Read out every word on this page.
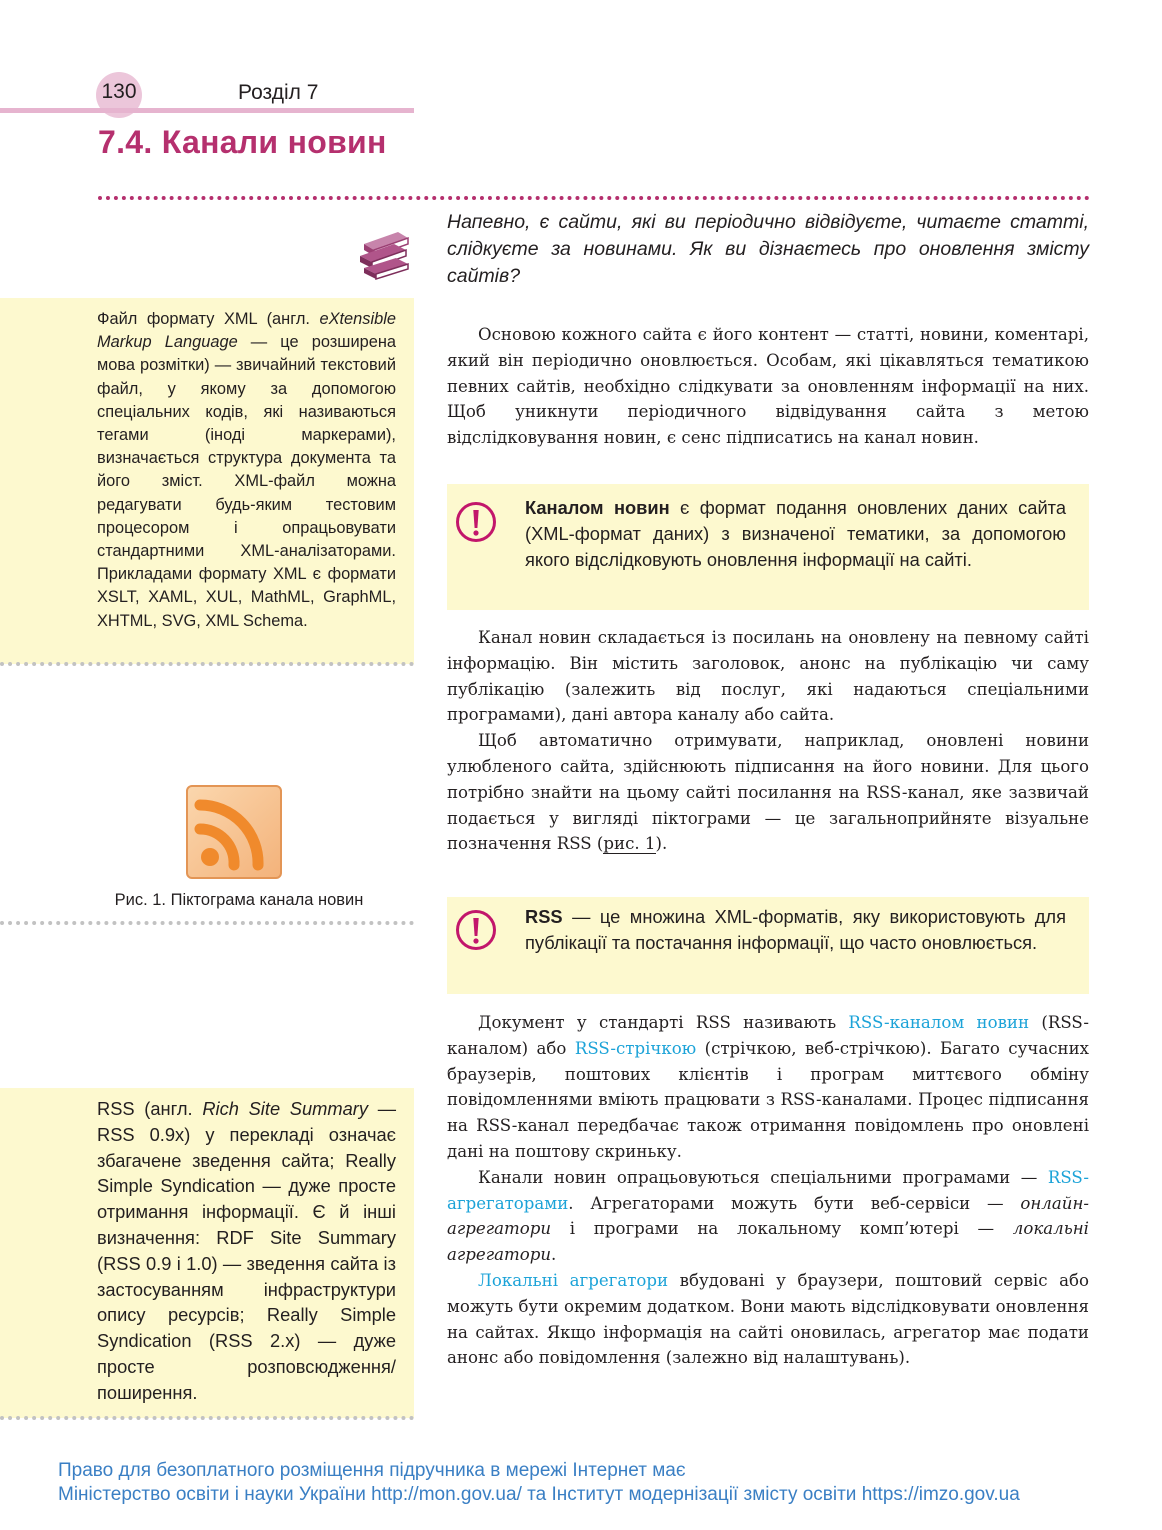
130	Розділ 7
7.4. Канали новин
Напевно, є сайти, які ви періодично відвідуєте, читаєте статті, слідкуєте за новинами. Як ви дізнаєтесь про оновлення змісту сайтів?
Файл формату XML (англ. eXtensible Markup Language — це розширена мова розмітки) — звичайний текстовий файл, у якому за допомогою спеціальних кодів, які називаються тегами (іноді маркерами), визначається структура документа та його зміст. XML-файл можна редагувати будь-яким тестовим процесором і опрацьовувати стандартними XML-аналізаторами. Прикладами формату XML є формати XSLT, XAML, XUL, MathML, GraphML, XHTML, SVG, XML Schema.
Рис. 1. Піктограма канала новин
RSS (англ. Rich Site Summary — RSS 0.9x) у перекладі означає збагачене зведення сайта; Really Simple Syndication — дуже просте отримання інформації. Є й інші визначення: RDF Site Summary (RSS 0.9 і 1.0) — зведення сайта із застосуванням інфраструктури опису ресурсів; Really Simple Syndication (RSS 2.x) — дуже просте розповсюдження/поширення.

Основою кожного сайта є його контент — статті, новини, коментарі, який він періодично оновлюється. Особам, які цікавляться тематикою певних сайтів, необхідно слідкувати за оновленням інформації на них. Щоб уникнути періодичного відвідування сайта з метою відслідковування новин, є сенс підписатись на канал новин.

Каналом новин є формат подання оновлених даних сайта (XML-формат даних) з визначеної тематики, за допомогою якого відслідковують оновлення інформації на сайті.

Канал новин складається із посилань на оновлену на певному сайті інформацію. Він містить заголовок, анонс на публікацію чи саму публікацію (залежить від послуг, які надаються спеціальними програмами), дані автора каналу або сайта.

Щоб автоматично отримувати, наприклад, оновлені новини улюбленого сайта, здійснюють підписання на його новини. Для цього потрібно знайти на цьому сайті посилання на RSS-канал, яке зазвичай подається у вигляді піктограми — це загальноприйняте візуальне позначення RSS (рис. 1).

RSS — це множина XML-форматів, яку використовують для публікації та постачання інформації, що часто оновлюється.

Документ у стандарті RSS називають RSS-каналом новин (RSS-каналом) або RSS-стрічкою (стрічкою, веб-стрічкою). Багато сучасних браузерів, поштових клієнтів і програм миттєвого обміну повідомленнями вміють працювати з RSS-каналами. Процес підписання на RSS-канал передбачає також отримання повідомлень про оновлені дані на поштову скриньку.

Канали новин опрацьовуються спеціальними програмами — RSS-агрегаторами. Агрегаторами можуть бути веб-сервіси — онлайн-агрегатори і програми на локальному комп’ютері — локальні агрегатори.

Локальні агрегатори вбудовані у браузери, поштовий сервіс або можуть бути окремим додатком. Вони мають відслідковувати оновлення на сайтах. Якщо інформація на сайті оновилась, агрегатор має подати анонс або повідомлення (залежно від налаштувань).

Право для безоплатного розміщення підручника в мережі Інтернет має
Міністерство освіти і науки України http://mon.gov.ua/ та Інститут модернізації змісту освіти https://imzo.gov.ua
